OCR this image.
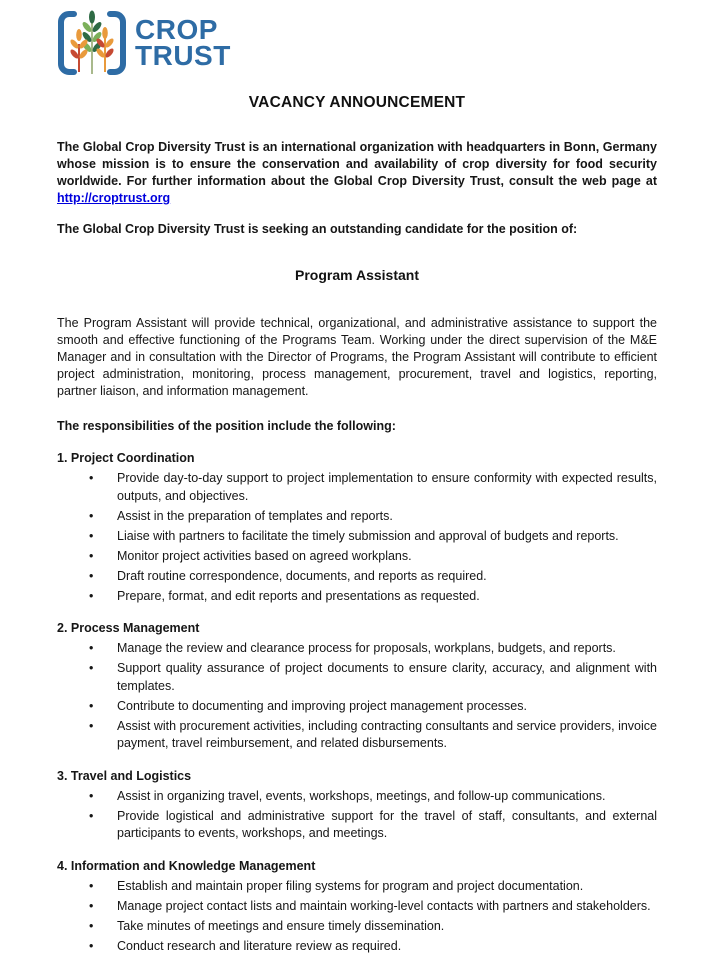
CROP
TRUST
VACANCY ANNOUNCEMENT

The Global Crop Diversity Trust is an international organization with headquarters in Bonn, Germany whose mission is to ensure the conservation and availability of crop diversity for food security worldwide. For further information about the Global Crop Diversity Trust, consult the web page at http://croptrust.org

The Global Crop Diversity Trust is seeking an outstanding candidate for the position of:

Program Assistant

The Program Assistant will provide technical, organizational, and administrative assistance to support the smooth and effective functioning of the Programs Team. Working under the direct supervision of the M&E Manager and in consultation with the Director of Programs, the Program Assistant will contribute to efficient project administration, monitoring, process management, procurement, travel and logistics, reporting, partner liaison, and information management.

The responsibilities of the position include the following:

1. Project Coordination
• Provide day-to-day support to project implementation to ensure conformity with expected results, outputs, and objectives.
• Assist in the preparation of templates and reports.
• Liaise with partners to facilitate the timely submission and approval of budgets and reports.
• Monitor project activities based on agreed workplans.
• Draft routine correspondence, documents, and reports as required.
• Prepare, format, and edit reports and presentations as requested.
2. Process Management
• Manage the review and clearance process for proposals, workplans, budgets, and reports.
• Support quality assurance of project documents to ensure clarity, accuracy, and alignment with templates.
• Contribute to documenting and improving project management processes.
• Assist with procurement activities, including contracting consultants and service providers, invoice payment, travel reimbursement, and related disbursements.
3. Travel and Logistics
• Assist in organizing travel, events, workshops, meetings, and follow-up communications.
• Provide logistical and administrative support for the travel of staff, consultants, and external participants to events, workshops, and meetings.
4. Information and Knowledge Management
• Establish and maintain proper filing systems for program and project documentation.
• Manage project contact lists and maintain working-level contacts with partners and stakeholders.
• Take minutes of meetings and ensure timely dissemination.
• Conduct research and literature review as required.
